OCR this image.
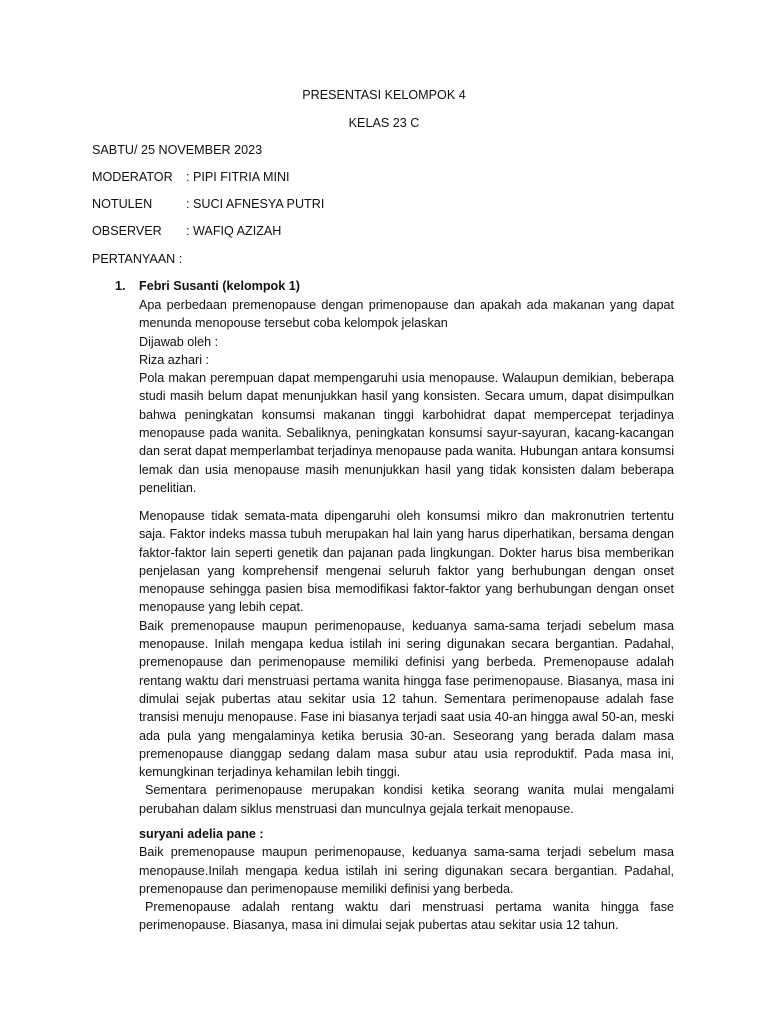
PRESENTASI KELOMPOK 4
KELAS 23 C
SABTU/ 25 NOVEMBER 2023
MODERATOR : PIPI FITRIA MINI
NOTULEN	: SUCI AFNESYA PUTRI
OBSERVER : WAFIQ AZIZAH
PERTANYAAN :
1. Febri Susanti (kelompok 1)

Apa perbedaan premenopause dengan primenopause dan apakah ada makanan yang dapat menunda menopouse tersebut coba kelompok jelaskan

Dijawab oleh :

Riza azhari :

Pola makan perempuan dapat mempengaruhi usia menopause. Walaupun demikian, beberapa studi masih belum dapat menunjukkan hasil yang konsisten. Secara umum, dapat disimpulkan bahwa peningkatan konsumsi makanan tinggi karbohidrat dapat mempercepat terjadinya menopause pada wanita. Sebaliknya, peningkatan konsumsi sayur-sayuran, kacang-kacangan dan serat dapat memperlambat terjadinya menopause pada wanita. Hubungan antara konsumsi lemak dan usia menopause masih menunjukkan hasil yang tidak konsisten dalam beberapa penelitian.

Menopause tidak semata-mata dipengaruhi oleh konsumsi mikro dan makronutrien tertentu saja. Faktor indeks massa tubuh merupakan hal lain yang harus diperhatikan, bersama dengan faktor-faktor lain seperti genetik dan pajanan pada lingkungan. Dokter harus bisa memberikan penjelasan yang komprehensif mengenai seluruh faktor yang berhubungan dengan onset menopause sehingga pasien bisa memodifikasi faktor-faktor yang berhubungan dengan onset menopause yang lebih cepat.

Baik premenopause maupun perimenopause, keduanya sama-sama terjadi sebelum masa menopause. Inilah mengapa kedua istilah ini sering digunakan secara bergantian. Padahal, premenopause dan perimenopause memiliki definisi yang berbeda. Premenopause adalah rentang waktu dari menstruasi pertama wanita hingga fase perimenopause. Biasanya, masa ini dimulai sejak pubertas atau sekitar usia 12 tahun. Sementara perimenopause adalah fase transisi menuju menopause. Fase ini biasanya terjadi saat usia 40-an hingga awal 50-an, meski ada pula yang mengalaminya ketika berusia 30-an. Seseorang yang berada dalam masa premenopause dianggap sedang dalam masa subur atau usia reproduktif. Pada masa ini, kemungkinan terjadinya kehamilan lebih tinggi.

Sementara perimenopause merupakan kondisi ketika seorang wanita mulai mengalami perubahan dalam siklus menstruasi dan munculnya gejala terkait menopause.

suryani adelia pane :

Baik premenopause maupun perimenopause, keduanya sama-sama terjadi sebelum masa menopause.Inilah mengapa kedua istilah ini sering digunakan secara bergantian. Padahal, premenopause dan perimenopause memiliki definisi yang berbeda.

Premenopause adalah rentang waktu dari menstruasi pertama wanita hingga fase perimenopause. Biasanya, masa ini dimulai sejak pubertas atau sekitar usia 12 tahun.
